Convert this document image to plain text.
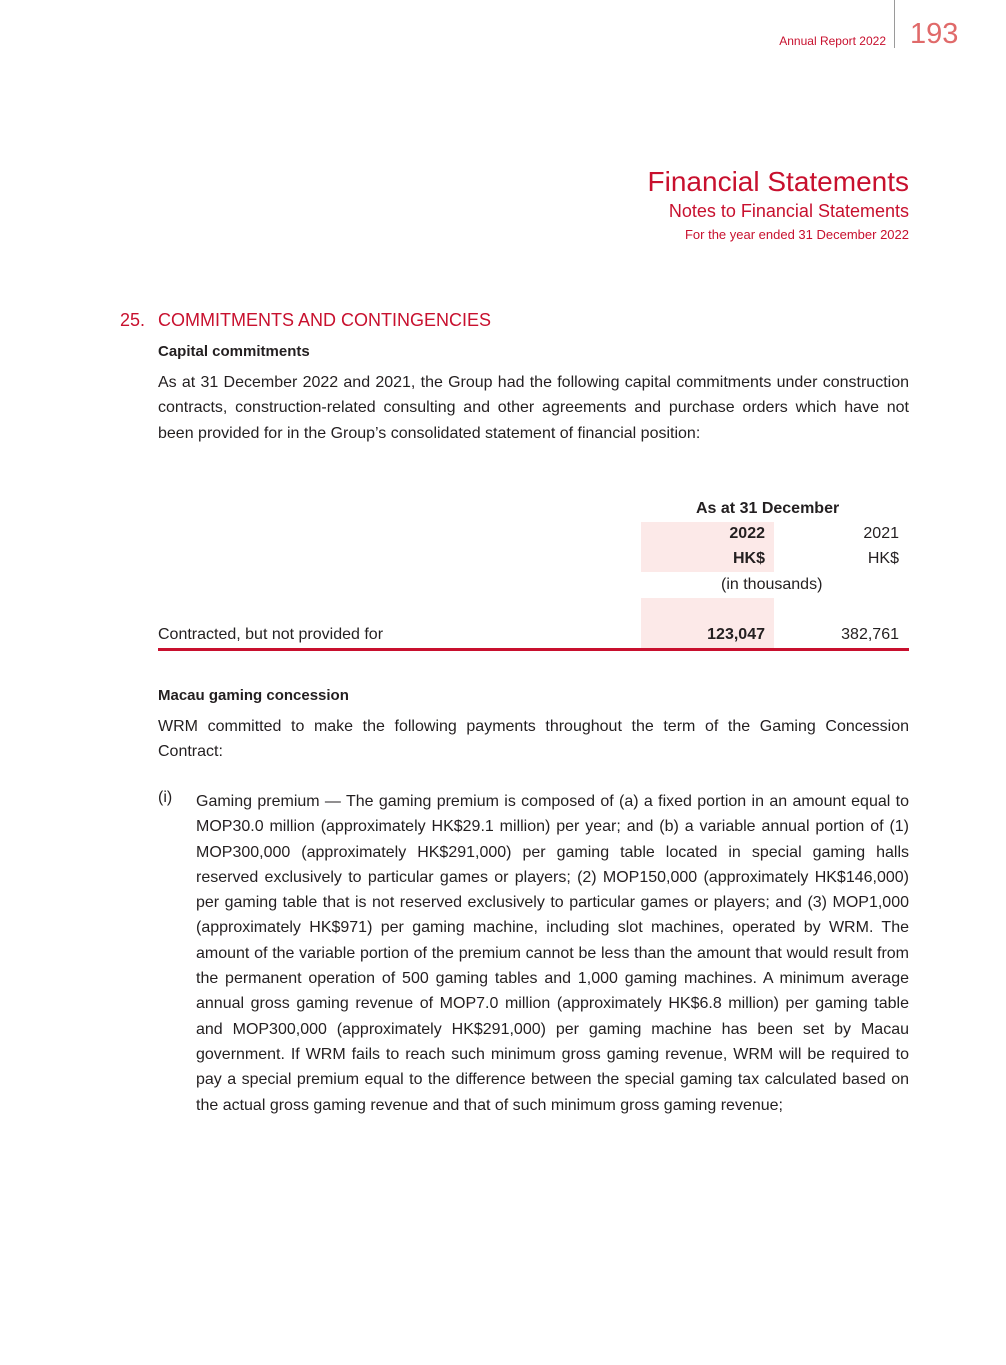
Annual Report 2022 193
Financial Statements
Notes to Financial Statements
For the year ended 31 December 2022
25. COMMITMENTS AND CONTINGENCIES
Capital commitments
As at 31 December 2022 and 2021, the Group had the following capital commitments under construction contracts, construction-related consulting and other agreements and purchase orders which have not been provided for in the Group’s consolidated statement of financial position:
As at 31 December
2022	2021
HK$	HK$
(in thousands)
Contracted, but not provided for	123,047	382,761
Macau gaming concession
WRM committed to make the following payments throughout the term of the Gaming Concession Contract:
(i) Gaming premium — The gaming premium is composed of (a) a fixed portion in an amount equal to MOP30.0 million (approximately HK$29.1 million) per year; and (b) a variable annual portion of (1) MOP300,000 (approximately HK$291,000) per gaming table located in special gaming halls reserved exclusively to particular games or players; (2) MOP150,000 (approximately HK$146,000) per gaming table that is not reserved exclusively to particular games or players; and (3) MOP1,000 (approximately HK$971) per gaming machine, including slot machines, operated by WRM. The amount of the variable portion of the premium cannot be less than the amount that would result from the permanent operation of 500 gaming tables and 1,000 gaming machines. A minimum average annual gross gaming revenue of MOP7.0 million (approximately HK$6.8 million) per gaming table and MOP300,000 (approximately HK$291,000) per gaming machine has been set by Macau government. If WRM fails to reach such minimum gross gaming revenue, WRM will be required to pay a special premium equal to the difference between the special gaming tax calculated based on the actual gross gaming revenue and that of such minimum gross gaming revenue;
